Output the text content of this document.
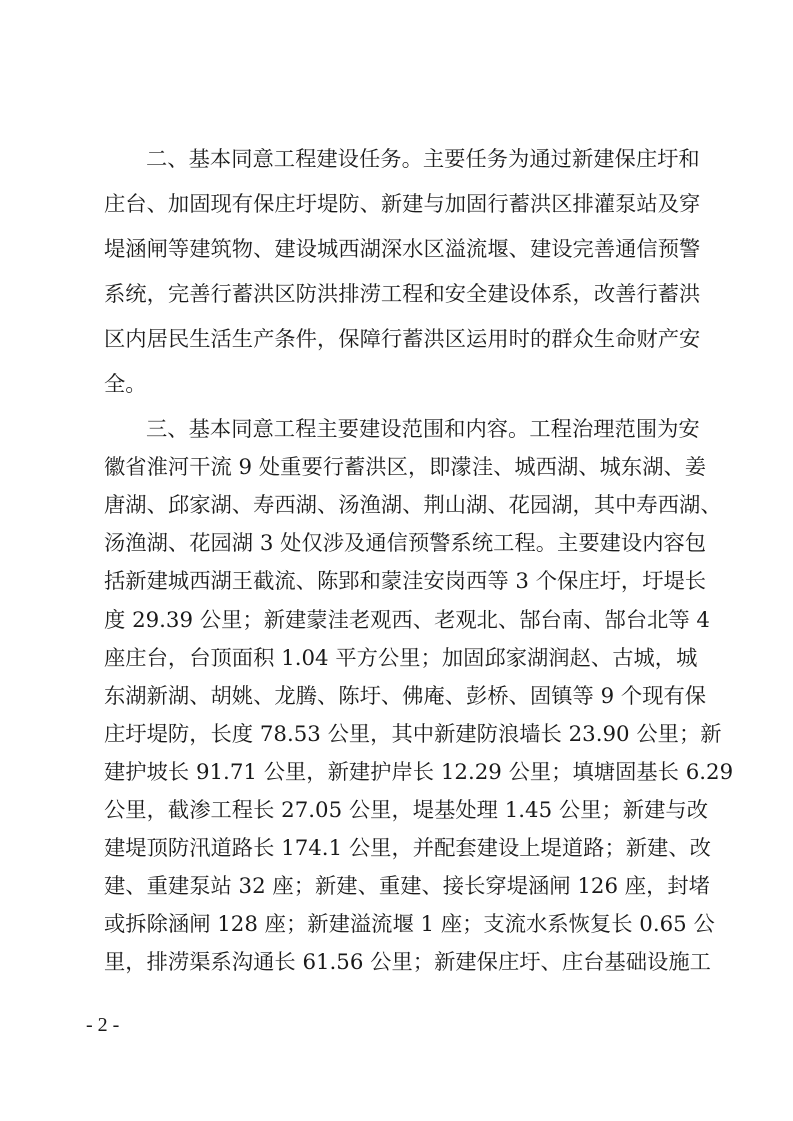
二、基本同意工程建设任务。主要任务为通过新建保庄圩和
庄台、加固现有保庄圩堤防、新建与加固行蓄洪区排灌泵站及穿
堤涵闸等建筑物、建设城西湖深水区溢流堰、建设完善通信预警
系统，完善行蓄洪区防洪排涝工程和安全建设体系，改善行蓄洪
区内居民生活生产条件，保障行蓄洪区运用时的群众生命财产安
全。
三、基本同意工程主要建设范围和内容。工程治理范围为安
徽省淮河干流 9 处重要行蓄洪区，即濛洼、城西湖、城东湖、姜
唐湖、邱家湖、寿西湖、汤渔湖、荆山湖、花园湖，其中寿西湖、
汤渔湖、花园湖 3 处仅涉及通信预警系统工程。主要建设内容包
括新建城西湖王截流、陈郢和蒙洼安岗西等 3 个保庄圩，圩堤长
度 29.39 公里；新建蒙洼老观西、老观北、郜台南、郜台北等 4
座庄台，台顶面积 1.04 平方公里；加固邱家湖润赵、古城，城
东湖新湖、胡姚、龙腾、陈圩、佛庵、彭桥、固镇等 9 个现有保
庄圩堤防，长度 78.53 公里，其中新建防浪墙长 23.90 公里；新
建护坡长 91.71 公里，新建护岸长 12.29 公里；填塘固基长 6.29
公里，截渗工程长 27.05 公里，堤基处理 1.45 公里；新建与改
建堤顶防汛道路长 174.1 公里，并配套建设上堤道路；新建、改
建、重建泵站 32 座；新建、重建、接长穿堤涵闸 126 座，封堵
或拆除涵闸 128 座；新建溢流堰 1 座；支流水系恢复长 0.65 公
里，排涝渠系沟通长 61.56 公里；新建保庄圩、庄台基础设施工
- 2 -
